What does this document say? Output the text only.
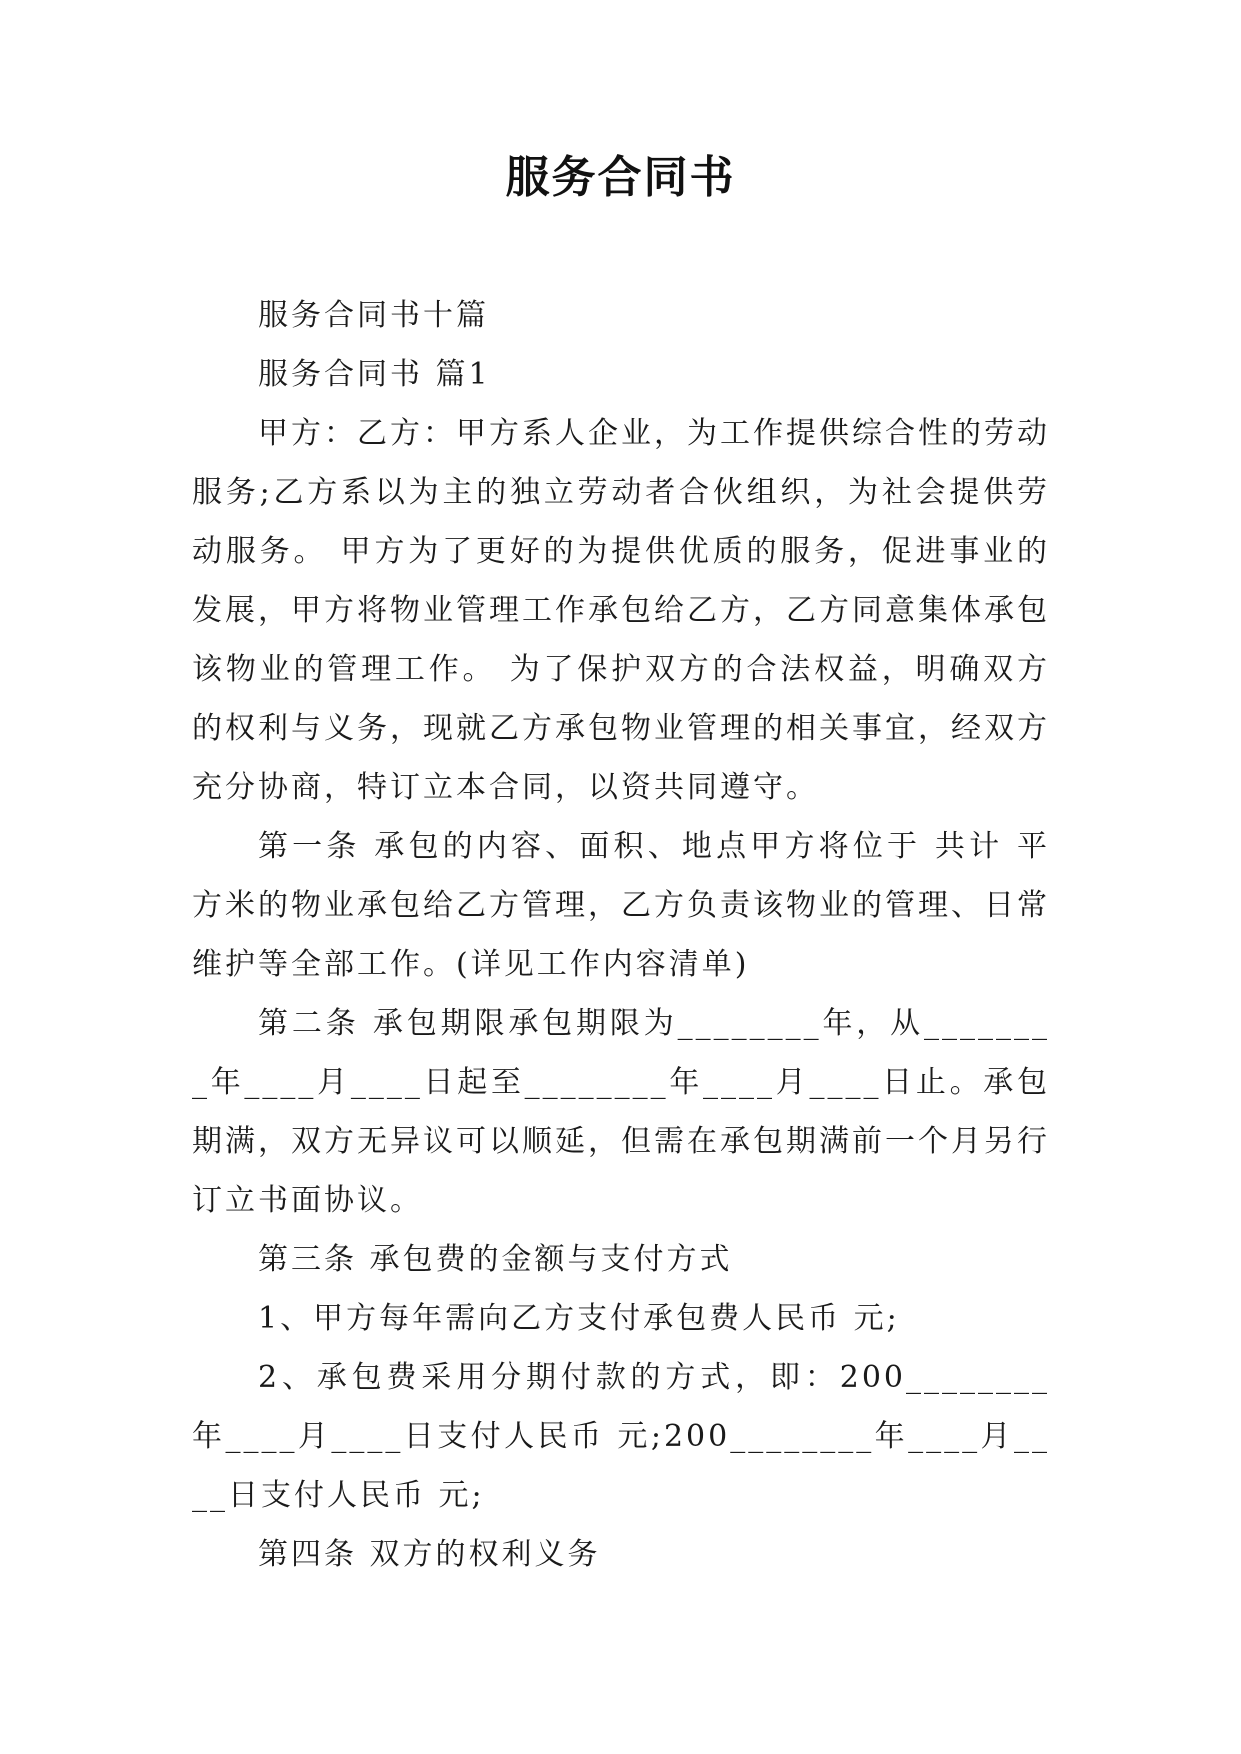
服务合同书

服务合同书十篇

服务合同书 篇1

甲方：乙方：甲方系人企业，为工作提供综合性的劳动服务;乙方系以为主的独立劳动者合伙组织，为社会提供劳动服务。 甲方为了更好的为提供优质的服务，促进事业的发展，甲方将物业管理工作承包给乙方，乙方同意集体承包该物业的管理工作。 为了保护双方的合法权益，明确双方的权利与义务，现就乙方承包物业管理的相关事宜，经双方充分协商，特订立本合同，以资共同遵守。

第一条 承包的内容、面积、地点甲方将位于 共计 平方米的物业承包给乙方管理，乙方负责该物业的管理、日常维护等全部工作。(详见工作内容清单)

第二条 承包期限承包期限为________年，从________年____月____日起至________年____月____日止。承包期满，双方无异议可以顺延，但需在承包期满前一个月另行订立书面协议。

第三条 承包费的金额与支付方式

1、甲方每年需向乙方支付承包费人民币 元;

2、承包费采用分期付款的方式，即：200________年____月____日支付人民币 元;200________年____月____日支付人民币 元;

第四条 双方的权利义务
